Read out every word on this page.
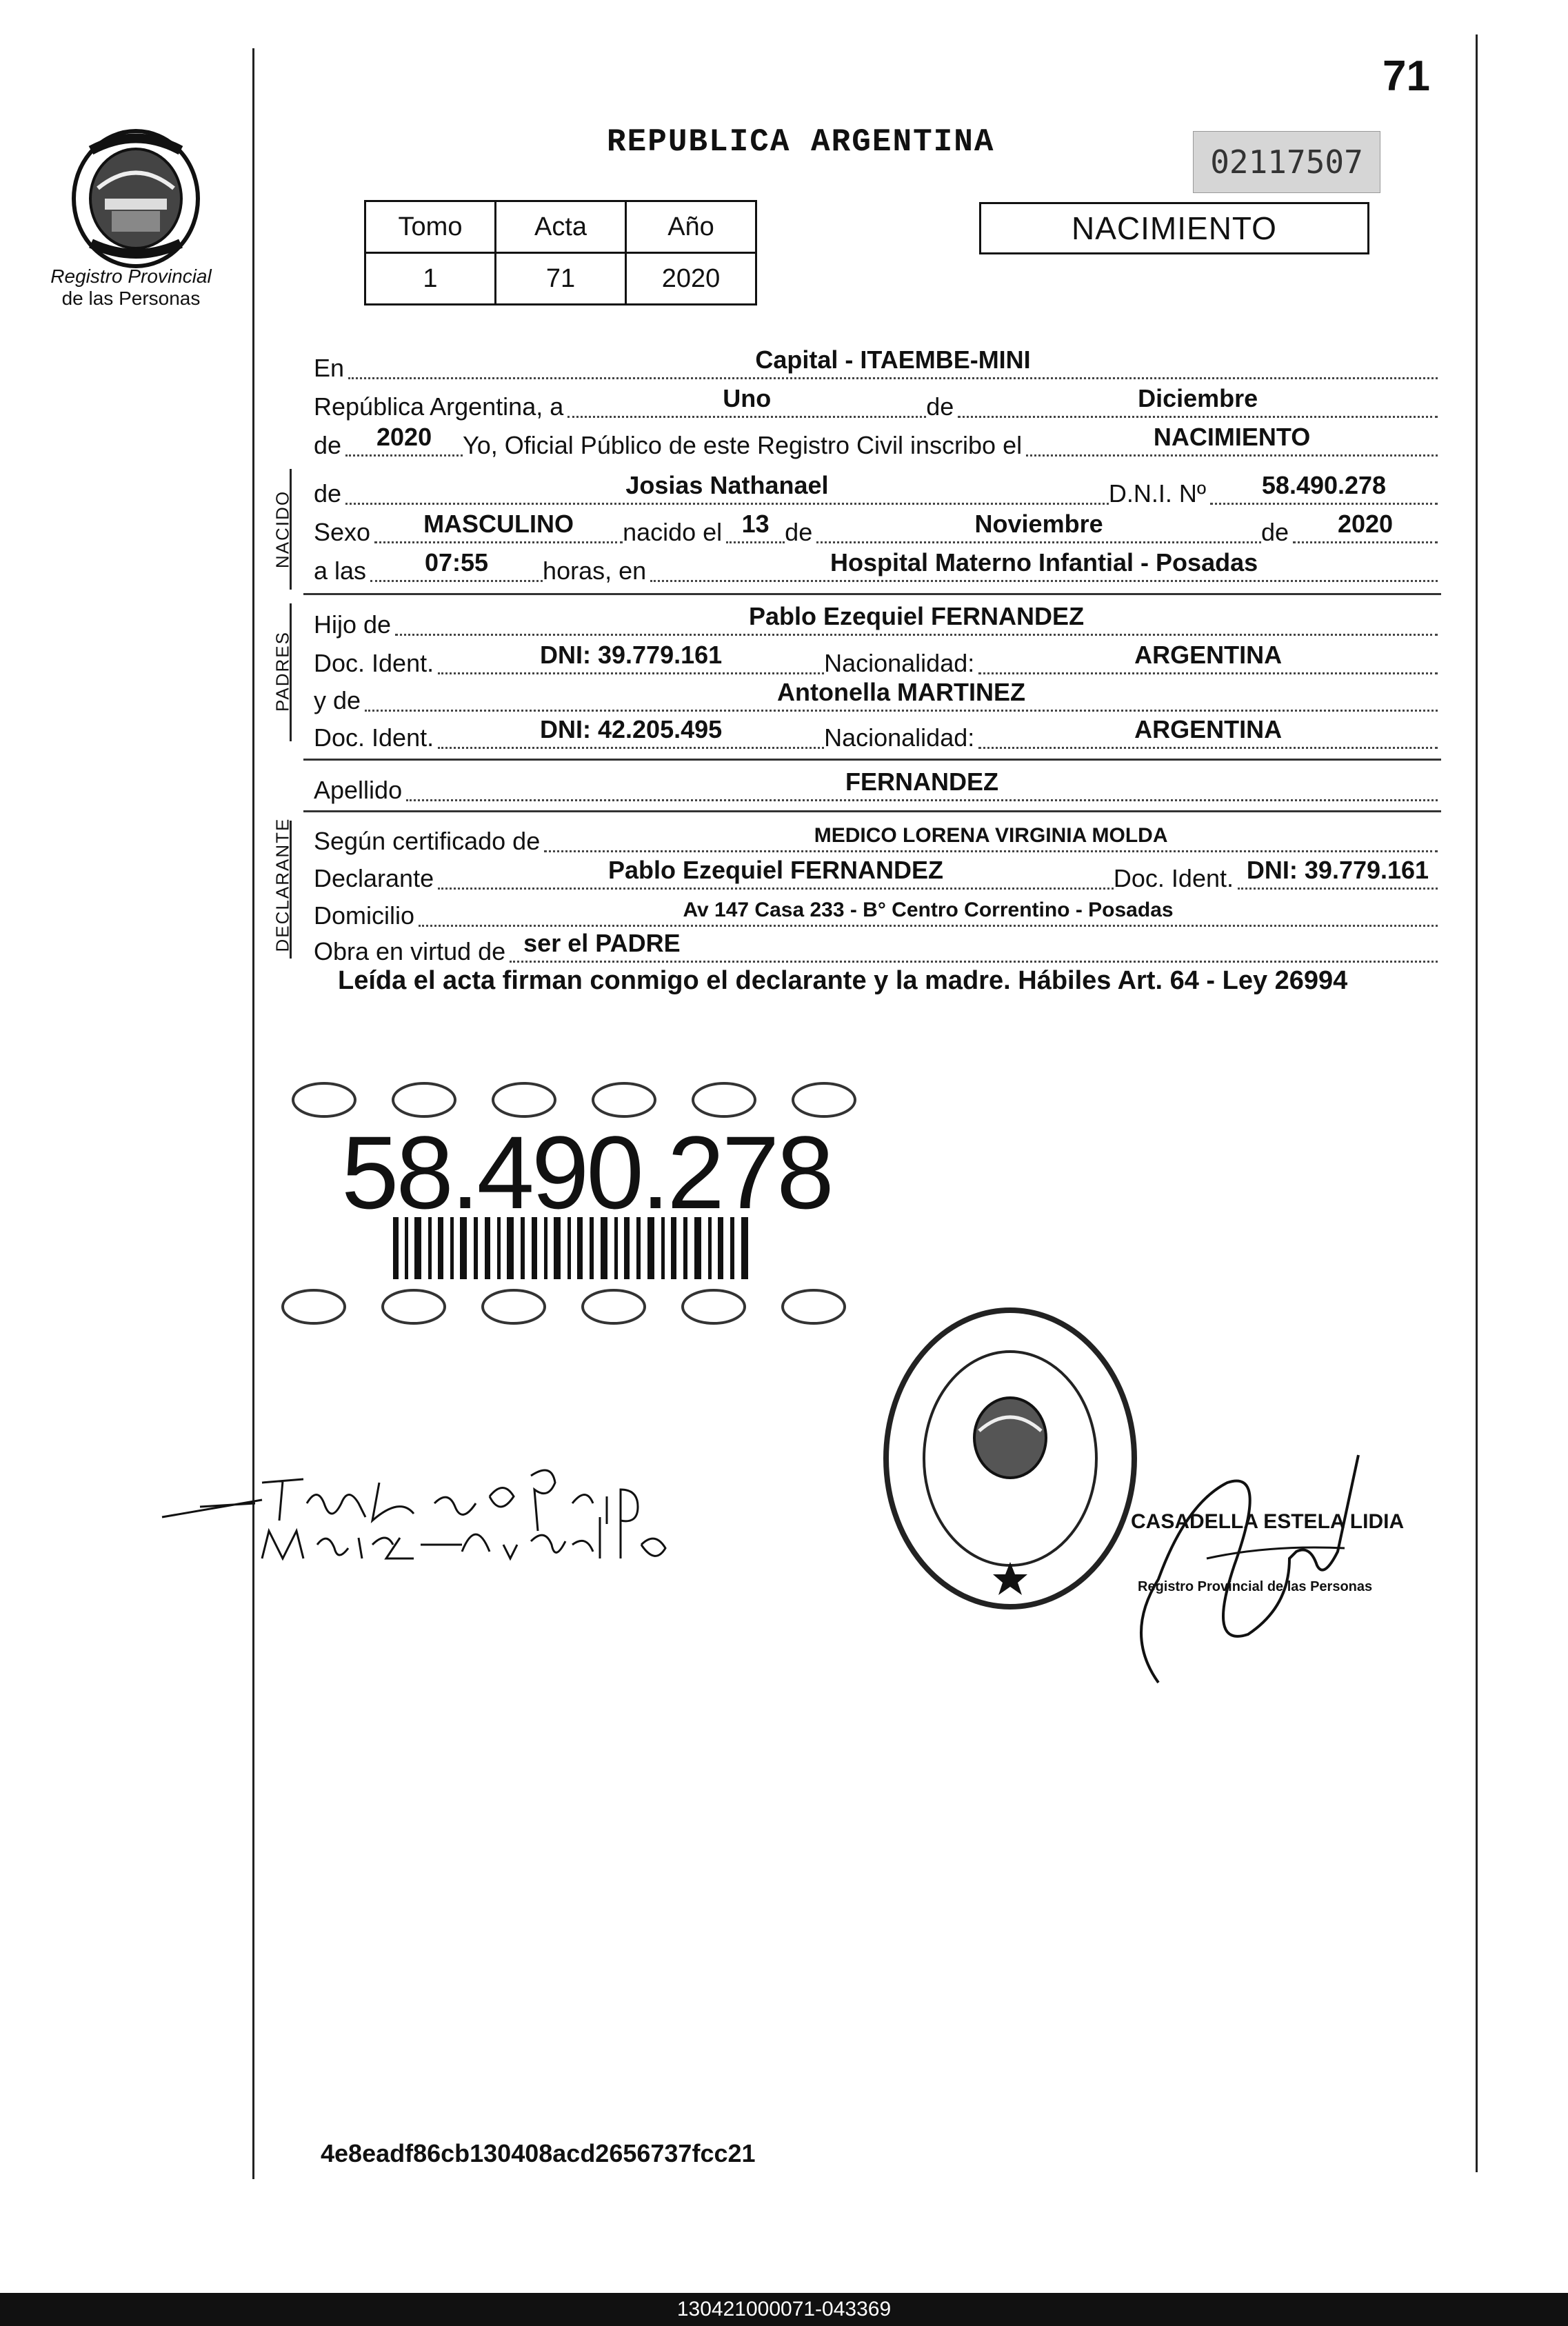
71
REPUBLICA ARGENTINA
02117507
Registro Provincial
de las Personas
Tomo	Acta	Año
1	71	2020
NACIMIENTO
En	Capital - ITAEMBE-MINI
República Argentina, a	Uno	de	Diciembre
de	2020	Yo, Oficial Público de este Registro Civil inscribo el	NACIMIENTO
NACIDO de	Josias Nathanael	D.N.I. Nº	58.490.278
Sexo	MASCULINO	nacido el 13 de	Noviembre	de	2020
a las	07:55	horas, en	Hospital Materno Infantial - Posadas
PADRES
Hijo de	Pablo Ezequiel FERNANDEZ
Doc. Ident.	DNI: 39.779.161	Nacionalidad:	ARGENTINA
y de	Antonella MARTINEZ
Doc. Ident.	DNI: 42.205.495	Nacionalidad:	ARGENTINA
Apellido	FERNANDEZ
DECLARANTE Según certificado de	MEDICO LORENA VIRGINIA MOLDA
Declarante	Pablo Ezequiel FERNANDEZ	Doc. Ident. DNI: 39.779.161
Domicilio	Av 147 Casa 233 - B° Centro Correntino - Posadas
Obra en virtud de ser el PADRE
Leída el acta firman conmigo el declarante y la madre. Hábiles Art. 64 - Ley 26994
58.490.278
CASADELLA ESTELA LIDIA
Registro Provincial de las Personas
4e8eadf86cb130408acd2656737fcc21
130421000071-043369
